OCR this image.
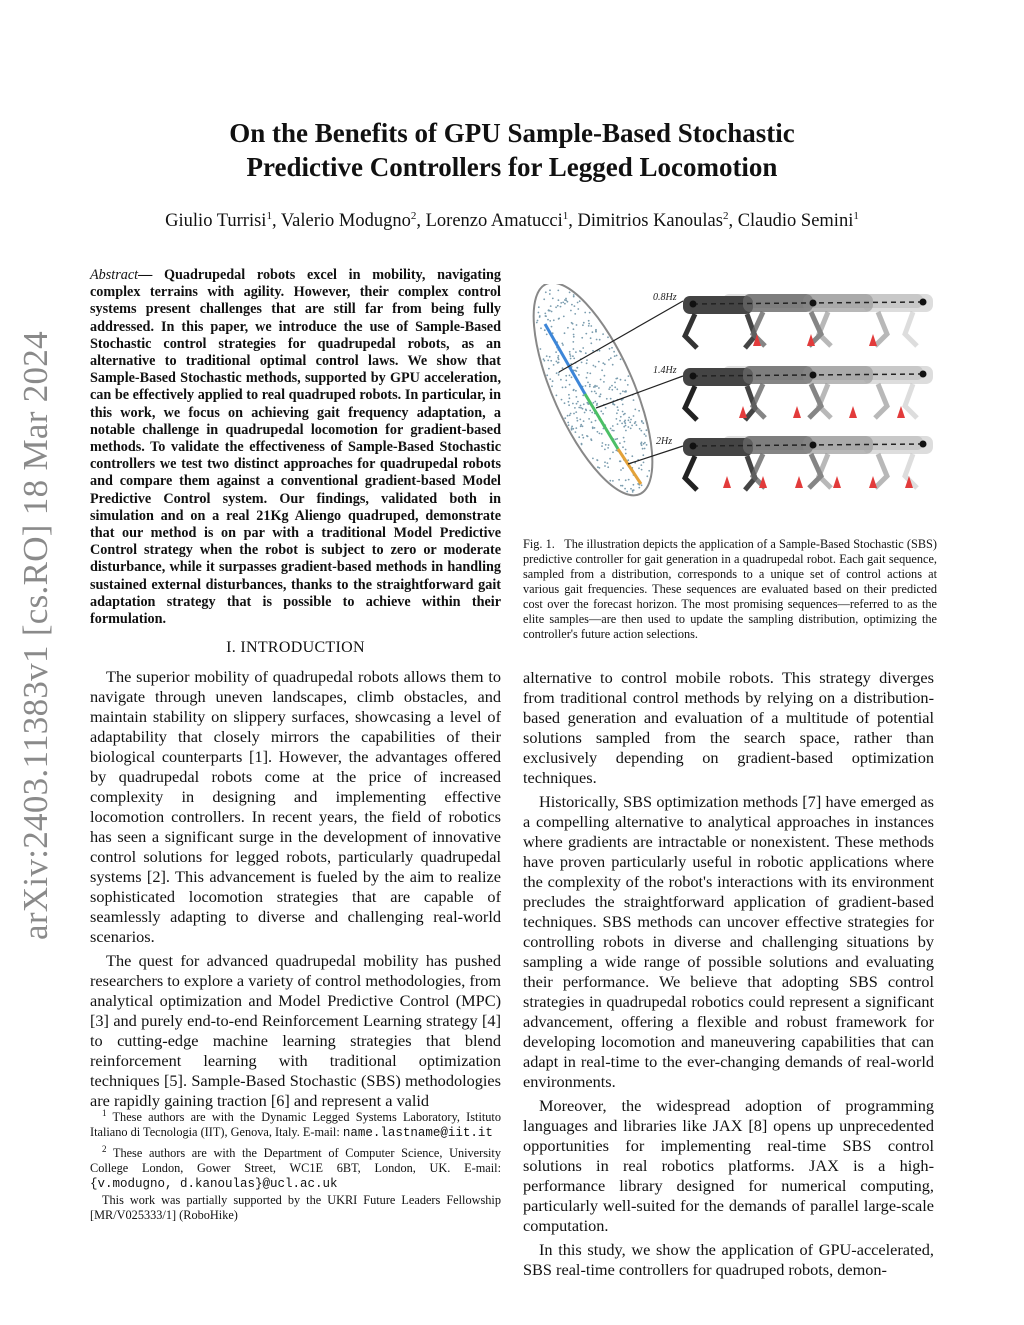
arXiv:2403.11383v1 [cs.RO] 18 Mar 2024
On the Benefits of GPU Sample-Based Stochastic
Predictive Controllers for Legged Locomotion
Giulio Turrisi$^1$, Valerio Modugno$^2$, Lorenzo Amatucci$^1$, Dimitrios Kanoulas$^2$, Claudio Semini$^1$
Abstract— Quadrupedal robots excel in mobility, navigating complex terrains with agility. However, their complex control systems present challenges that are still far from being fully addressed. In this paper, we introduce the use of Sample-Based Stochastic control strategies for quadrupedal robots, as an alternative to traditional optimal control laws. We show that Sample-Based Stochastic methods, supported by GPU acceleration, can be effectively applied to real quadruped robots. In particular, in this work, we focus on achieving gait frequency adaptation, a notable challenge in quadrupedal locomotion for gradient-based methods. To validate the effectiveness of Sample-Based Stochastic controllers we test two distinct approaches for quadrupedal robots and compare them against a conventional gradient-based Model Predictive Control system. Our findings, validated both in simulation and on a real 21Kg Aliengo quadruped, demonstrate that our method is on par with a traditional Model Predictive Control strategy when the robot is subject to zero or moderate disturbance, while it surpasses gradient-based methods in handling sustained external disturbances, thanks to the straightforward gait adaptation strategy that is possible to achieve within their formulation.
I. INTRODUCTION

The superior mobility of quadrupedal robots allows them to navigate through uneven landscapes, climb obstacles, and maintain stability on slippery surfaces, showcasing a level of adaptability that closely mirrors the capabilities of their biological counterparts [1]. However, the advantages offered by quadrupedal robots come at the price of increased complexity in designing and implementing effective locomotion controllers. In recent years, the field of robotics has seen a significant surge in the development of innovative control solutions for legged robots, particularly quadrupedal systems [2]. This advancement is fueled by the aim to realize sophisticated locomotion strategies that are capable of seamlessly adapting to diverse and challenging real-world scenarios.

The quest for advanced quadrupedal mobility has pushed researchers to explore a variety of control methodologies, from analytical optimization and Model Predictive Control (MPC) [3] and purely end-to-end Reinforcement Learning strategy [4] to cutting-edge machine learning strategies that blend reinforcement learning with traditional optimization techniques [5]. Sample-Based Stochastic (SBS) methodologies are rapidly gaining traction [6] and represent a valid

$^1$ These authors are with the Dynamic Legged Systems Laboratory, Istituto Italiano di Tecnologia (IIT), Genova, Italy. E-mail: name.lastname@iit.it

$^2$ These authors are with the Department of Computer Science, University College London, Gower Street, WC1E 6BT, London, UK. E-mail: {v.modugno, d.kanoulas}@ucl.ac.uk

This work was partially supported by the UKRI Future Leaders Fellowship [MR/V025333/1] (RoboHike)

0.8Hz
1.4Hz
2Hz
Fig. 1. The illustration depicts the application of a Sample-Based Stochastic (SBS) predictive controller for gait generation in a quadrupedal robot. Each gait sequence, sampled from a distribution, corresponds to a unique set of control actions at various gait frequencies. These sequences are evaluated based on their predicted cost over the forecast horizon. The most promising sequences—referred to as the elite samples—are then used to update the sampling distribution, optimizing the controller's future action selections.

alternative to control mobile robots. This strategy diverges from traditional control methods by relying on a distribution-based generation and evaluation of a multitude of potential solutions sampled from the search space, rather than exclusively depending on gradient-based optimization techniques.

Historically, SBS optimization methods [7] have emerged as a compelling alternative to analytical approaches in instances where gradients are intractable or nonexistent. These methods have proven particularly useful in robotic applications where the complexity of the robot's interactions with its environment precludes the straightforward application of gradient-based techniques. SBS methods can uncover effective strategies for controlling robots in diverse and challenging situations by sampling a wide range of possible solutions and evaluating their performance. We believe that adopting SBS control strategies in quadrupedal robotics could represent a significant advancement, offering a flexible and robust framework for developing locomotion and maneuvering capabilities that can adapt in real-time to the ever-changing demands of real-world environments.

Moreover, the widespread adoption of programming languages and libraries like JAX [8] opens up unprecedented opportunities for implementing real-time SBS control solutions in real robotics platforms. JAX is a high-performance library designed for numerical computing, particularly well-suited for the demands of parallel large-scale computation.

In this study, we show the application of GPU-accelerated, SBS real-time controllers for quadruped robots, demon-
